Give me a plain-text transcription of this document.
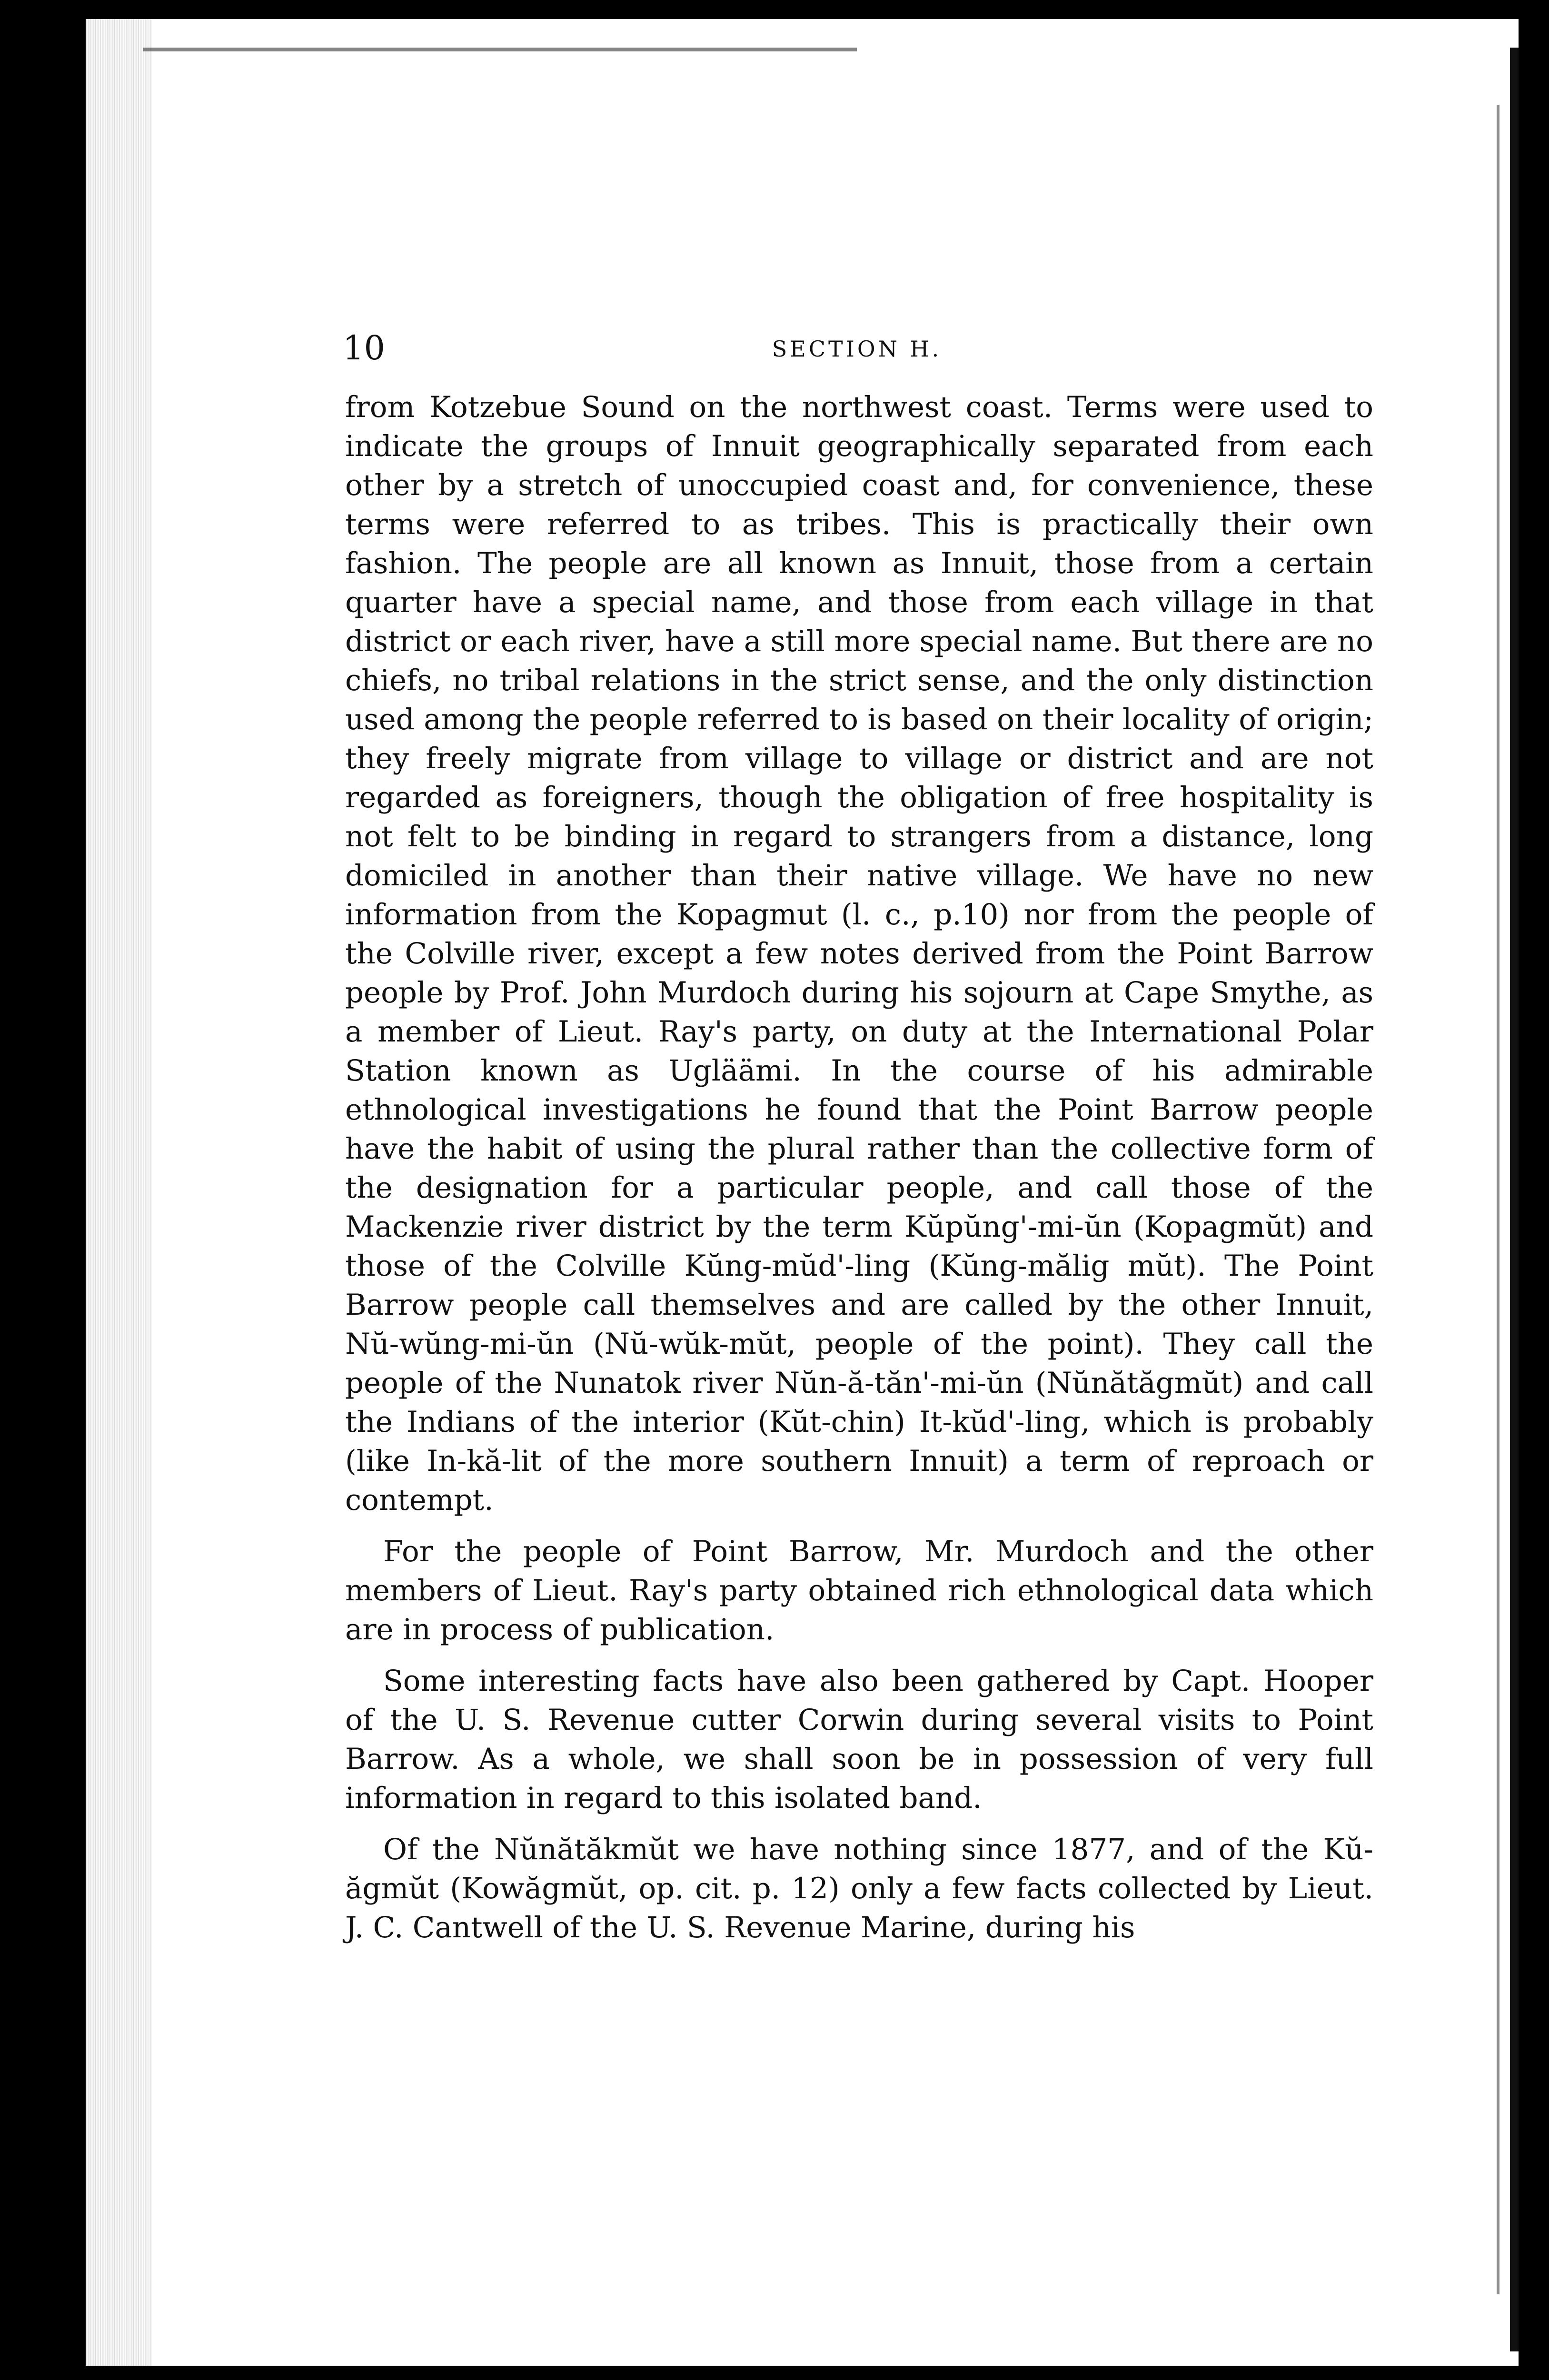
10	SECTION H.

from Kotzebue Sound on the northwest coast. Terms were used to indicate the groups of Innuit geographically separated from each other by a stretch of unoccupied coast and, for convenience, these terms were referred to as tribes. This is practically their own fashion. The people are all known as Innuit, those from a certain quarter have a special name, and those from each village in that district or each river, have a still more special name. But there are no chiefs, no tribal relations in the strict sense, and the only distinction used among the people referred to is based on their locality of origin; they freely migrate from village to village or district and are not regarded as foreigners, though the obligation of free hospitality is not felt to be binding in regard to strangers from a distance, long domiciled in another than their native village. We have no new information from the Kopagmut (l. c., p.10) nor from the people of the Colville river, except a few notes derived from the Point Barrow people by Prof. John Murdoch during his sojourn at Cape Smythe, as a member of Lieut. Ray's party, on duty at the International Polar Station known as Ugläämi. In the course of his admirable ethnological investigations he found that the Point Barrow people have the habit of using the plural rather than the collective form of the designation for a particular people, and call those of the Mackenzie river district by the term Kŭpŭng'-mi-ŭn (Kopagmŭt) and those of the Colville Kŭng-mŭd'-ling (Kŭng-mălig mŭt). The Point Barrow people call themselves and are called by the other Innuit, Nŭ-wŭng-mi-ŭn (Nŭ-wŭk-mŭt, people of the point). They call the people of the Nunatok river Nŭn-ă-tăn'-mi-ŭn (Nŭnătăgmŭt) and call the Indians of the interior (Kŭt-chin) It-kŭd'-ling, which is probably (like In-kă-lit of the more southern Innuit) a term of reproach or contempt.

For the people of Point Barrow, Mr. Murdoch and the other members of Lieut. Ray's party obtained rich ethnological data which are in process of publication.

Some interesting facts have also been gathered by Capt. Hooper of the U. S. Revenue cutter Corwin during several visits to Point Barrow. As a whole, we shall soon be in possession of very full information in regard to this isolated band.

Of the Nŭnătăkmŭt we have nothing since 1877, and of the Kŭ-ăgmŭt (Kowăgmŭt, op. cit. p. 12) only a few facts collected by Lieut. J. C. Cantwell of the U. S. Revenue Marine, during his
